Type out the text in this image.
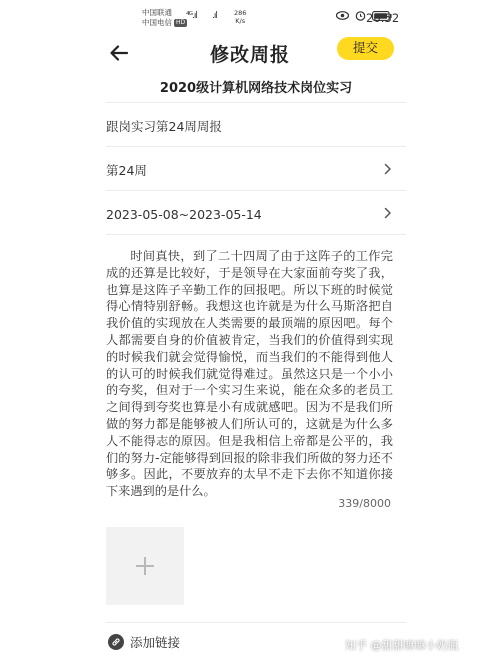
中国联通
中国电信 HD
⁴ᴳ.ıl .ıl	286
K/s	20:52
修改周报	提交
2020级计算机网络技术岗位实习
跟岗实习第24周周报
第24周
2023-05-08~2023-05-14
时间真快，到了二十四周了由于这阵子的工作完成的还算是比较好，于是领导在大家面前夸奖了我，也算是这阵子辛勤工作的回报吧。所以下班的时候觉得心情特别舒畅。我想这也许就是为什么马斯洛把自我价值的实现放在人类需要的最顶端的原因吧。每个人都需要自身的价值被肯定，当我们的价值得到实现的时候我们就会觉得愉悦，而当我们的不能得到他人的认可的时候我们就觉得难过。虽然这只是一个小小的夸奖，但对于一个实习生来说，能在众多的老员工之间得到夸奖也算是小有成就感吧。因为不是我们所做的努力都是能够被人们所认可的，这就是为什么多人不能得志的原因。但是我相信上帝都是公平的，我们的努力-定能够得到回报的除非我们所做的努力还不够多。因此，不要放弃的太早不走下去你不知道你接下来遇到的是什么。
339/8000
添加链接	知乎 @甜甜嘛嘛小奶瓶
